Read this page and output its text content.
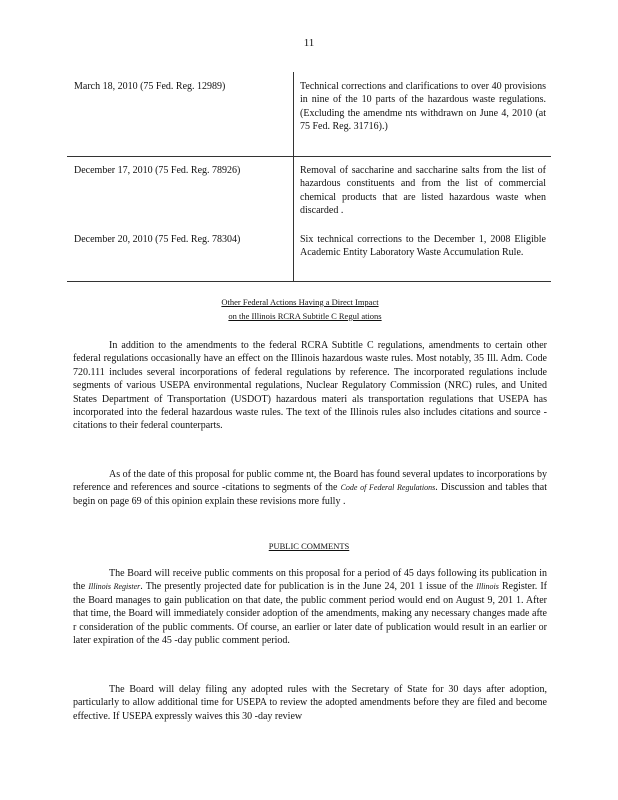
11
March 18, 2010 (75 Fed. Reg. 12989)	Technical corrections and clarifications to over 40 provisions in nine of the 10 parts of the hazardous waste regulations. (Excluding the amendme nts withdrawn on June 4, 2010 (at 75 Fed. Reg. 31716).)
December 17, 2010 (75 Fed. Reg. 78926)	Removal of saccharine and saccharine salts from the list of hazardous constituents and from the list of commercial chemical products that are listed hazardous waste when discarded .
December 20, 2010 (75 Fed. Reg. 78304)	Six technical corrections to the December 1, 2008 Eligible Academic Entity Laboratory Waste Accumulation Rule.
Other Federal Actions Having a Direct Impact
on the Illinois RCRA Subtitle C Regul ations
In addition to the amendments to the federal RCRA Subtitle C regulations, amendments to certain other federal regulations occasionally have an effect on the Illinois hazardous waste rules. Most notably, 35 Ill. Adm. Code 720.111 includes several incorporations of federal regulations by reference. The incorporated regulations include segments of various USEPA environmental regulations, Nuclear Regulatory Commission (NRC) rules, and United States Department of Transportation (USDOT) hazardous materi als transportation regulations that USEPA has incorporated into the federal hazardous waste rules. The text of the Illinois rules also includes citations and source - citations to their federal counterparts.
As of the date of this proposal for public comme nt, the Board has found several updates to incorporations by reference and references and source -citations to segments of the Code of Federal Regulations. Discussion and tables that begin on page 69 of this opinion explain these revisions more fully .
PUBLIC COMMENTS
The Board will receive public comments on this proposal for a period of 45 days following its publication in the Illinois Register. The presently projected date for publication is in the June 24, 201 1 issue of the Illinois Register. If the Board manages to gain publication on that date, the public comment period would end on August 9, 201 1. After that time, the Board will immediately consider adoption of the amendments, making any necessary changes made afte r consideration of the public comments. Of course, an earlier or later date of publication would result in an earlier or later expiration of the 45 -day public comment period.
The Board will delay filing any adopted rules with the Secretary of State for 30 days after adoption, particularly to allow additional time for USEPA to review the adopted amendments before they are filed and become effective. If USEPA expressly waives this 30 -day review
